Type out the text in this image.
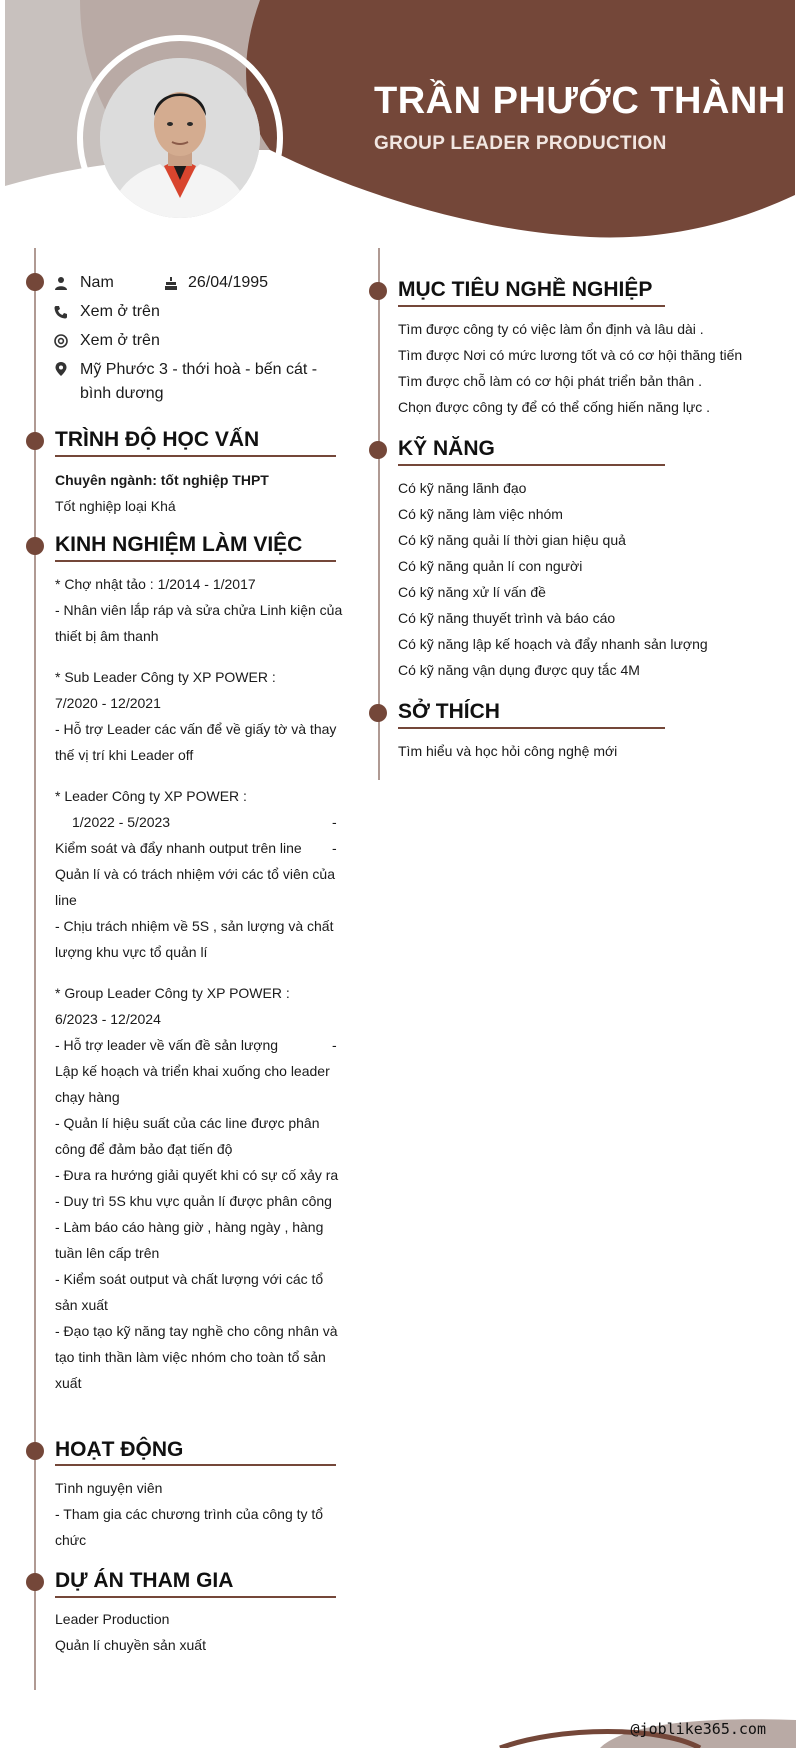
TRẦN PHƯỚC THÀNH
GROUP LEADER PRODUCTION
Nam	26/04/1995
Xem ở trên
Xem ở trên
Mỹ Phước 3 - thới hoà - bến cát -
bình dương
TRÌNH ĐỘ HỌC VẤN
Chuyên ngành: tốt nghiệp THPT
Tốt nghiệp loại Khá
KINH NGHIỆM LÀM VIỆC
* Chợ nhật tảo : 1/2014 - 1/2017
- Nhân viên lắp ráp và sửa chửa Linh kiện của
thiết bị âm thanh
* Sub Leader Công ty XP POWER :
7/2020 - 12/2021
- Hỗ trợ Leader các vấn để về giấy tờ và thay
thế vị trí khi Leader off
* Leader Công ty XP POWER :
1/2022 - 5/2023	-
Kiểm soát và đẩy nhanh output trên line -
Quản lí và có trách nhiệm với các tổ viên của
line
- Chịu trách nhiệm về 5S , sản lượng và chất
lượng khu vực tổ quản lí
* Group Leader Công ty XP POWER :
6/2023 - 12/2024
- Hỗ trợ leader về vấn đề sản lượng	-
Lập kế hoạch và triển khai xuống cho leader
chạy hàng
- Quản lí hiệu suất của các line được phân
công để đảm bảo đạt tiến độ
- Đưa ra hướng giải quyết khi có sự cố xảy ra
- Duy trì 5S khu vực quản lí được phân công
- Làm báo cáo hàng giờ , hàng ngày , hàng
tuần lên cấp trên
- Kiểm soát output và chất lượng với các tổ
sản xuất
- Đạo tạo kỹ năng tay nghề cho công nhân và
tạo tinh thần làm việc nhóm cho toàn tổ sản
xuất
HOẠT ĐỘNG
Tình nguyện viên
- Tham gia các chương trình của công ty tổ
chức
DỰ ÁN THAM GIA
Leader Production
Quản lí chuyền sản xuất
MỤC TIÊU NGHỀ NGHIỆP
Tìm được công ty có việc làm ổn định và lâu dài .
Tìm được Nơi có mức lương tốt và có cơ hội thăng tiến
Tìm được chỗ làm có cơ hội phát triển bản thân .
Chọn được công ty để có thể cống hiến năng lực .
KỸ NĂNG
Có kỹ năng lãnh đạo
Có kỹ năng làm việc nhóm
Có kỹ năng quải lí thời gian hiệu quả
Có kỹ năng quản lí con người
Có kỹ năng xử lí vấn đề
Có kỹ năng thuyết trình và báo cáo
Có kỹ năng lập kế hoạch và đẩy nhanh sản lượng
Có kỹ năng vận dụng được quy tắc 4M
SỞ THÍCH
Tìm hiểu và học hỏi công nghệ mới
@joblike365.com
